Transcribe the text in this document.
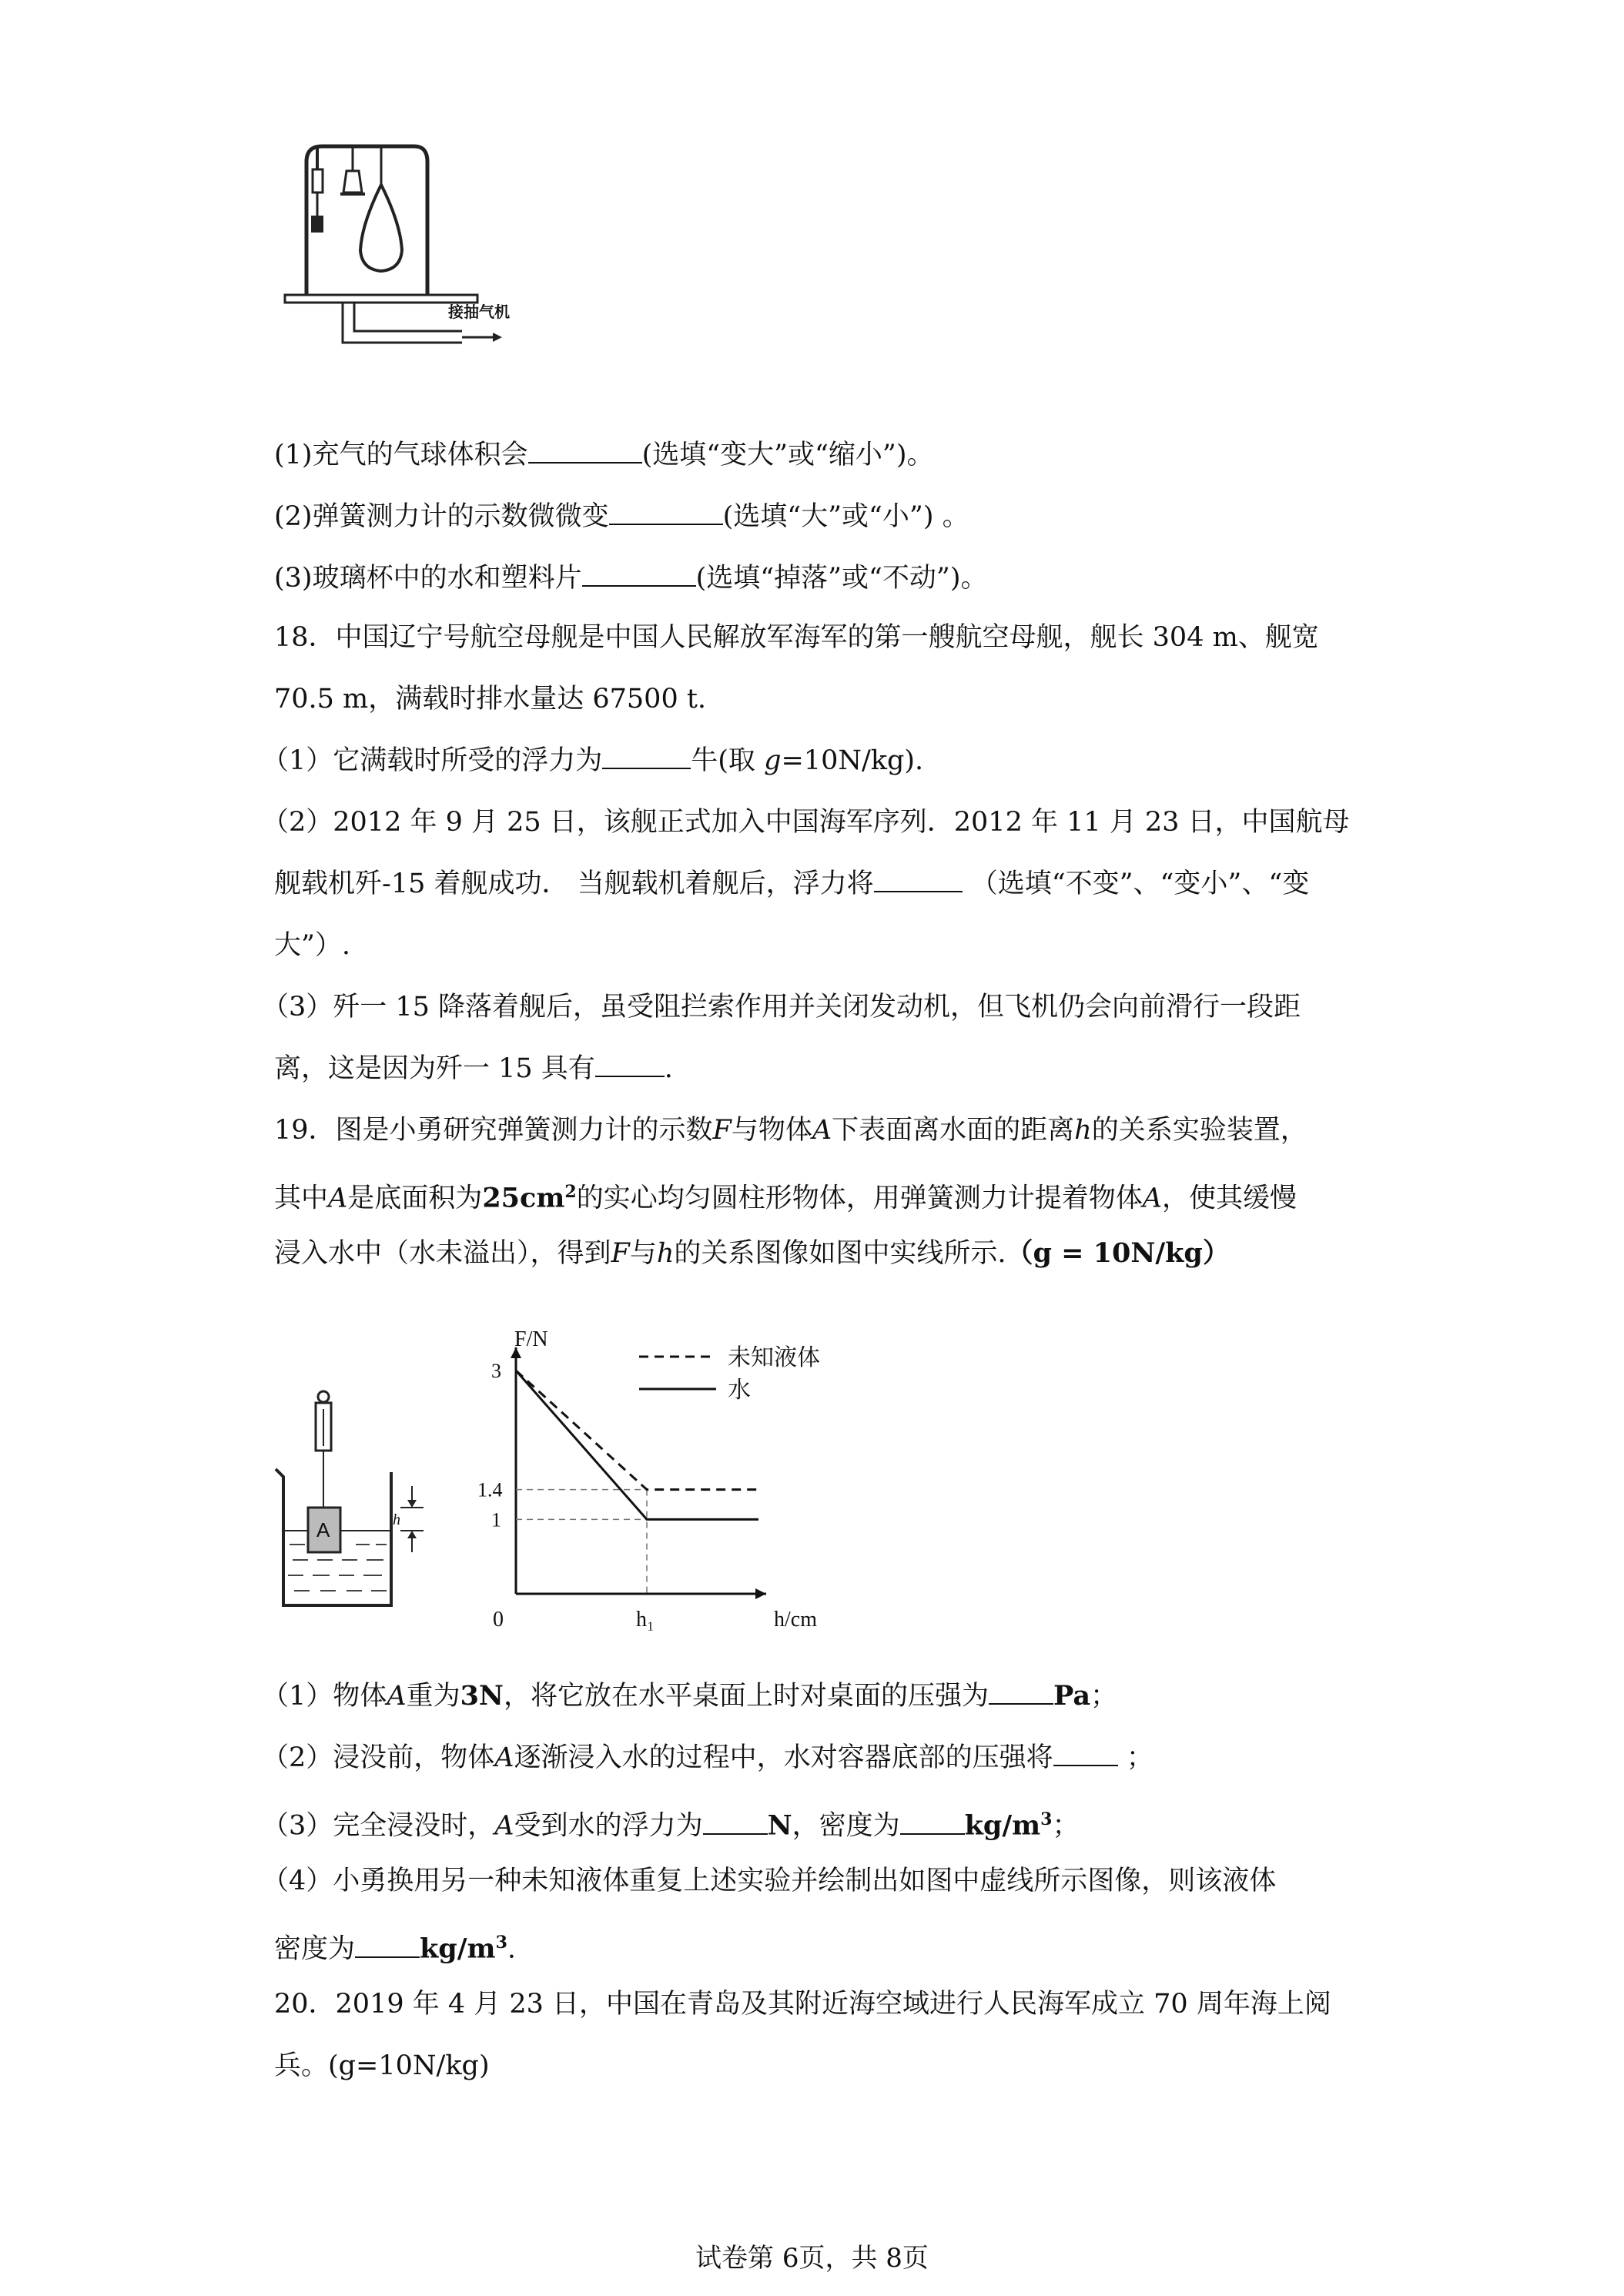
接抽气机
(1)充气的气球体积会	(选填“变大”或“缩小”)。
(2)弹簧测力计的示数微微变	(选填“大”或“小”) 。
(3)玻璃杯中的水和塑料片	(选填“掉落”或“不动”)。
18．中国辽宁号航空母舰是中国人民解放军海军的第一艘航空母舰，舰长 304 m、舰宽
70.5 m，满载时排水量达 67500 t.
（1）它满载时所受的浮力为	牛(取 g=10N/kg).
（2）2012 年 9 月 25 日，该舰正式加入中国海军序列．2012 年 11 月 23 日，中国航母
舰载机歼-15 着舰成功． 当舰载机着舰后，浮力将	（选填“不变”、“变小”、“变
大”）.
（3）歼一 15 降落着舰后，虽受阻拦索作用并关闭发动机，但飞机仍会向前滑行一段距
离，这是因为歼一 15 具有	.
19．图是小勇研究弹簧测力计的示数F与物体A下表面离水面的距离h的关系实验装置，
其中A是底面积为$25cm^2$的实心均匀圆柱形物体，用弹簧测力计提着物体A，使其缓慢
浸入水中（水未溢出），得到F与h的关系图像如图中实线所示.（g = 10N/kg）
A	h
F/N
h/cm
0	h₁
3
1.4
1
未知液体
水
（1）物体A重为3N，将它放在水平桌面上时对桌面的压强为 Pa；
（2）浸没前，物体A逐渐浸入水的过程中，水对容器底部的压强将 ；
（3）完全浸没时，A受到水的浮力为 N，密度为 $kg/m^3$；
（4）小勇换用另一种未知液体重复上述实验并绘制出如图中虚线所示图像，则该液体
密度为 $kg/m^3$.
20．2019 年 4 月 23 日，中国在青岛及其附近海空域进行人民海军成立 70 周年海上阅
兵。(g=10N/kg)
试卷第 6页，共 8页
